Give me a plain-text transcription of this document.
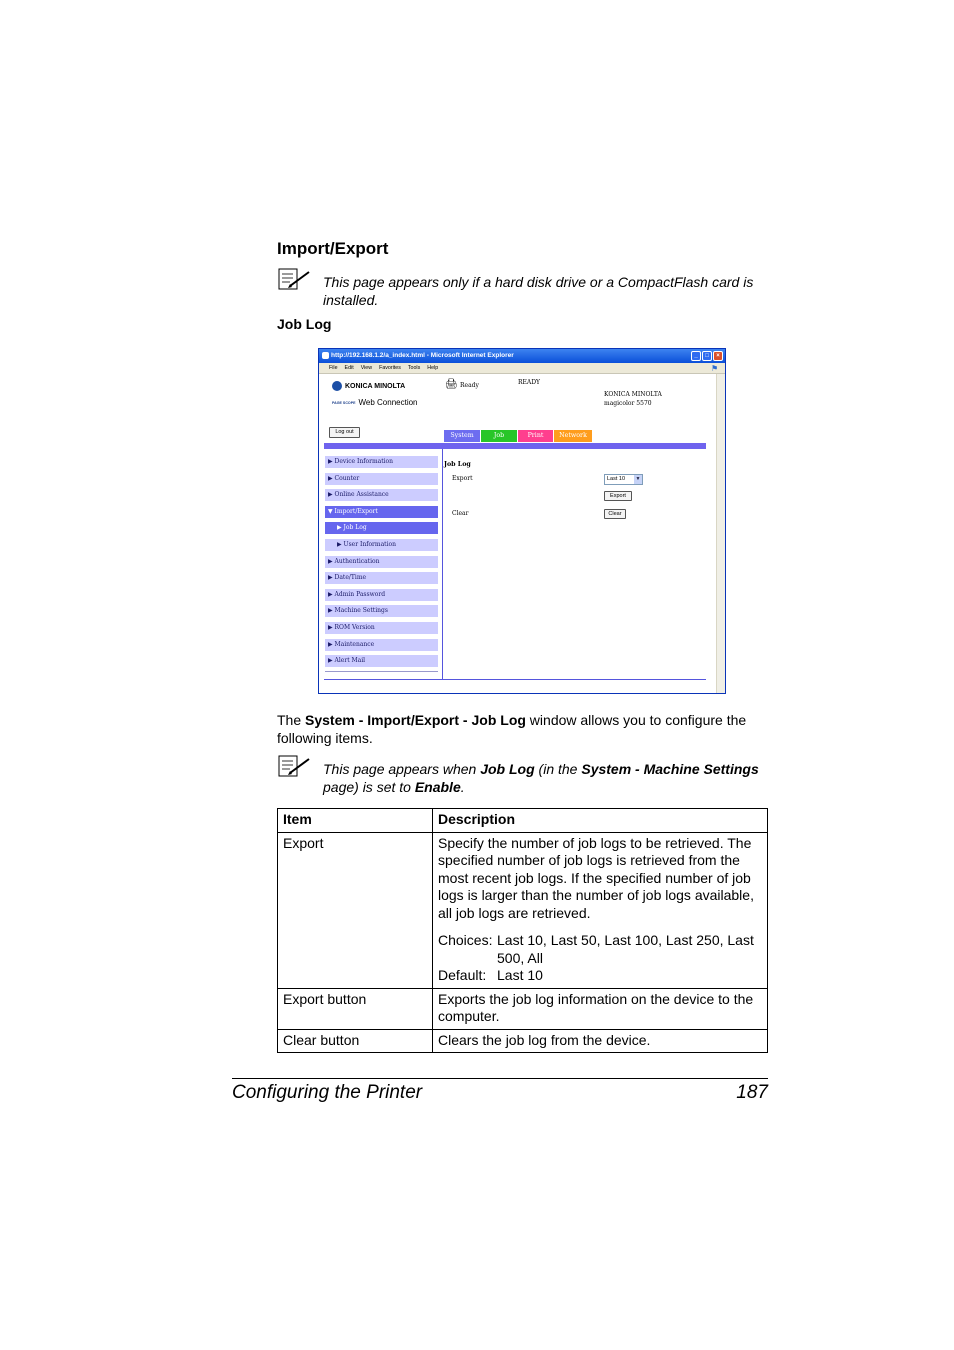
Import/Export
This page appears only if a hard disk drive or a CompactFlash card is installed.
Job Log
http://192.168.1.2/a_index.html - Microsoft Internet Explorer	_	□	×
File Edit View Favorites Tools Help	⚑
KONICA MINOLTA
PAGE SCOPE Web Connection
🖨 Ready	READY
KONICA MINOLTA
magicolor 5570
Log out	System	Job	Print	Network
▶ Device Information
▶ Counter
▶ Online Assistance
▼ Import/Export
▶ Job Log
▶ User Information
▶ Authentication
▶ Date/Time
▶ Admin Password
▶ Machine Settings
▶ ROM Version
▶ Maintenance
▶ Alert Mail
Job Log
Export	Last 10	▼
Export
Clear	Clear
The System - Import/Export - Job Log window allows you to configure the following items.
This page appears when Job Log (in the System - Machine Settings page) is set to Enable.
Item	Description
Export	Specify the number of job logs to be retrieved. The specified number of job logs is retrieved from the most recent job logs. If the specified number of job logs is larger than the number of job logs available, all job logs are retrieved.
Choices: Last 10, Last 50, Last 100, Last 250, Last 500, All
Default: Last 10

Export button	Exports the job log information on the device to the computer.
Clear button	Clears the job log from the device.
Configuring the Printer	187
